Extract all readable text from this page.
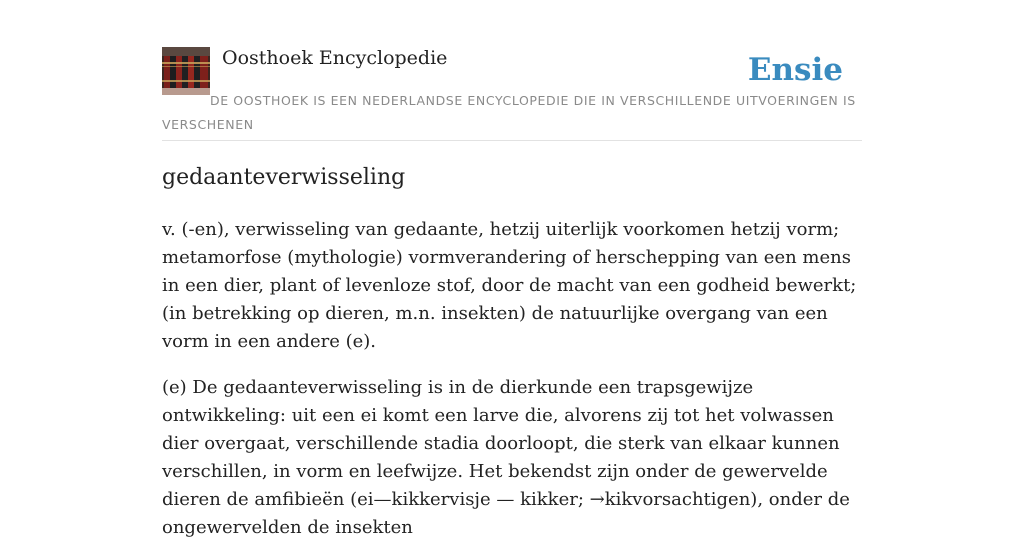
Oosthoek Encyclopedie	Ensie
DE OOSTHOEK IS EEN NEDERLANDSE ENCYCLOPEDIE DIE IN VERSCHILLENDE UITVOERINGEN IS VERSCHENEN
gedaanteverwisseling

v. (-en), verwisseling van gedaante, hetzij uiterlijk voorkomen hetzij vorm; metamorfose (mythologie) vormverandering of herschepping van een mens in een dier, plant of levenloze stof, door de macht van een godheid bewerkt; (in betrekking op dieren, m.n. insekten) de natuurlijke overgang van een vorm in een andere (e).

(e) De gedaanteverwisseling is in de dierkunde een trapsgewijze ontwikkeling: uit een ei komt een larve die, alvorens zij tot het volwassen dier overgaat, verschillende stadia doorloopt, die sterk van elkaar kunnen verschillen, in vorm en leefwijze. Het bekendst zijn onder de gewervelde dieren de amfibieën (ei—kikkervisje — kikker; →kikvorsachtigen), onder de ongewervelden de insekten
